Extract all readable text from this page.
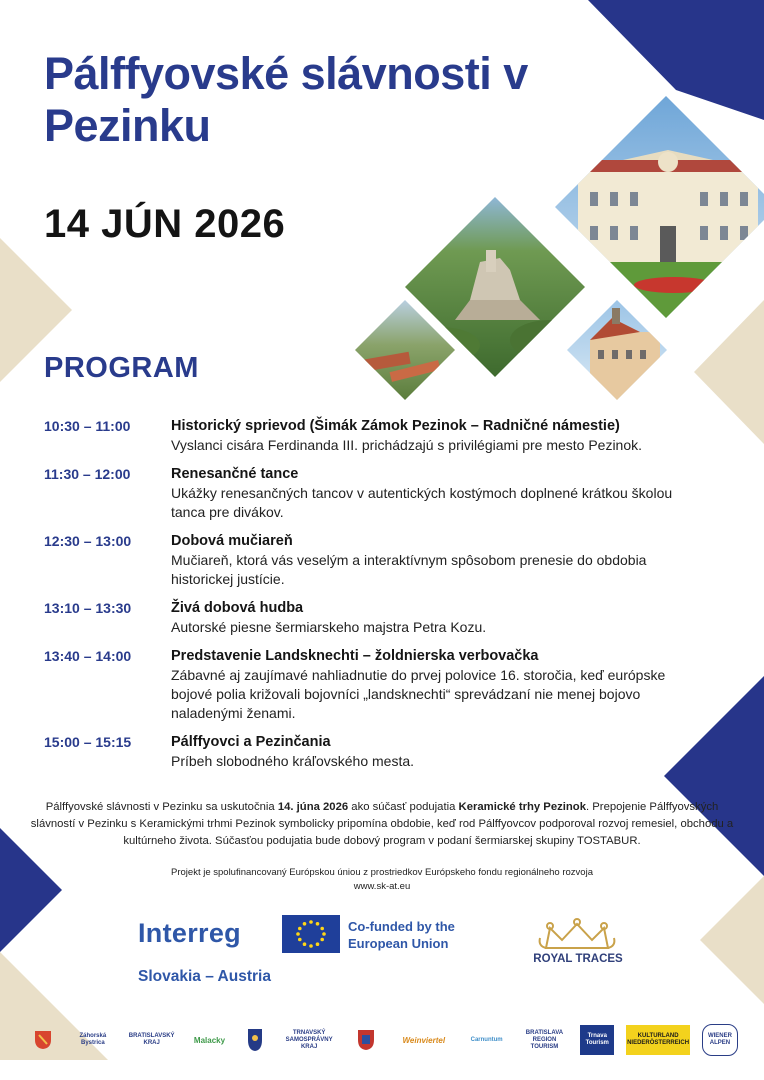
Pálffyovské slávnosti v Pezinku
14 JÚN 2026
PROGRAM
10:30 – 11:00	Historický sprievod (Šimák Zámok Pezinok – Radničné námestie)
Vyslanci cisára Ferdinanda III. prichádzajú s privilégiami pre mesto Pezinok.
11:30 – 12:00	Renesančné tance
Ukážky renesančných tancov v autentických kostýmoch doplnené krátkou školou tanca pre divákov.
12:30 – 13:00	Dobová mučiareň
Mučiareň, ktorá vás veselým a interaktívnym spôsobom prenesie do obdobia historickej justície.
13:10 – 13:30	Živá dobová hudba
Autorské piesne šermiarskeho majstra Petra Kozu.
13:40 – 14:00	Predstavenie Landsknechti – žoldnierska verbovačka
Zábavné aj zaujímavé nahliadnutie do prvej polovice 16. storočia, keď európske bojové polia križovali bojovníci „landsknechti“ sprevádzaní nie menej bojovo naladenými ženami.
15:00 – 15:15	Pálffyovci a Pezinčania
Príbeh slobodného kráľovského mesta.
Pálffyovské slávnosti v Pezinku sa uskutočnia 14. júna 2026 ako súčasť podujatia Keramické trhy Pezinok. Prepojenie Pálffyovských slávností v Pezinku s Keramickými trhmi Pezinok symbolicky pripomína obdobie, keď rod Pálffyovcov podporoval rozvoj remesiel, obchodu a kultúrneho života. Súčasťou podujatia bude dobový program v podaní šermiarskej skupiny TOSTABUR.
Projekt je spolufinancovaný Európskou úniou z prostriedkov Európskeho fondu regionálneho rozvoja
www.sk-at.eu
Interreg
Slovakia – Austria
Co-funded by the European Union
ROYAL TRACES
Záhorská Bystrica
BRATISLAVSKÝ KRAJ	Malacky
TRNAVSKÝ SAMOSPRÁVNY KRAJ
Weinviertel	Carnuntum
BRATISLAVA REGION TOURISM
Trnava Tourism
KULTURLAND NIEDERÖSTERREICH
WIENER ALPEN
